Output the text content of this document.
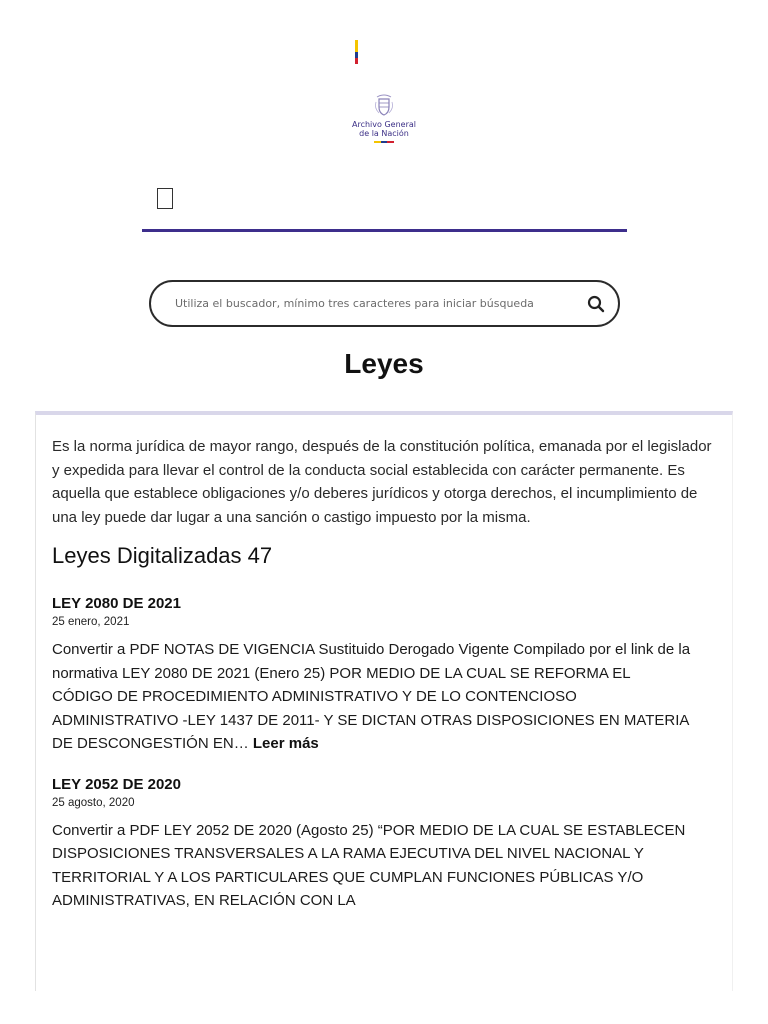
Archivo General
de la Nación
Utiliza el buscador, mínimo tres caracteres para iniciar búsqueda
Leyes

Es la norma jurídica de mayor rango, después de la constitución política, emanada por el legislador y expedida para llevar el control de la conducta social establecida con carácter permanente. Es aquella que establece obligaciones y/o deberes jurídicos y otorga derechos, el incumplimiento de una ley puede dar lugar a una sanción o castigo impuesto por la misma.

Leyes Digitalizadas 47
LEY 2080 DE 2021

25 enero, 2021

Convertir a PDF NOTAS DE VIGENCIA Sustituido Derogado Vigente Compilado por el link de la normativa LEY 2080 DE 2021 (Enero 25) POR MEDIO DE LA CUAL SE REFORMA EL CÓDIGO DE PROCEDIMIENTO ADMINISTRATIVO Y DE LO CONTENCIOSO ADMINISTRATIVO -LEY 1437 DE 2011- Y SE DICTAN OTRAS DISPOSICIONES EN MATERIA DE DESCONGESTIÓN EN… Leer más

LEY 2052 DE 2020

25 agosto, 2020

Convertir a PDF LEY 2052 DE 2020 (Agosto 25) “POR MEDIO DE LA CUAL SE ESTABLECEN DISPOSICIONES TRANSVERSALES A LA RAMA EJECUTIVA DEL NIVEL NACIONAL Y TERRITORIAL Y A LOS PARTICULARES QUE CUMPLAN FUNCIONES PÚBLICAS Y/O ADMINISTRATIVAS, EN RELACIÓN CON LA
